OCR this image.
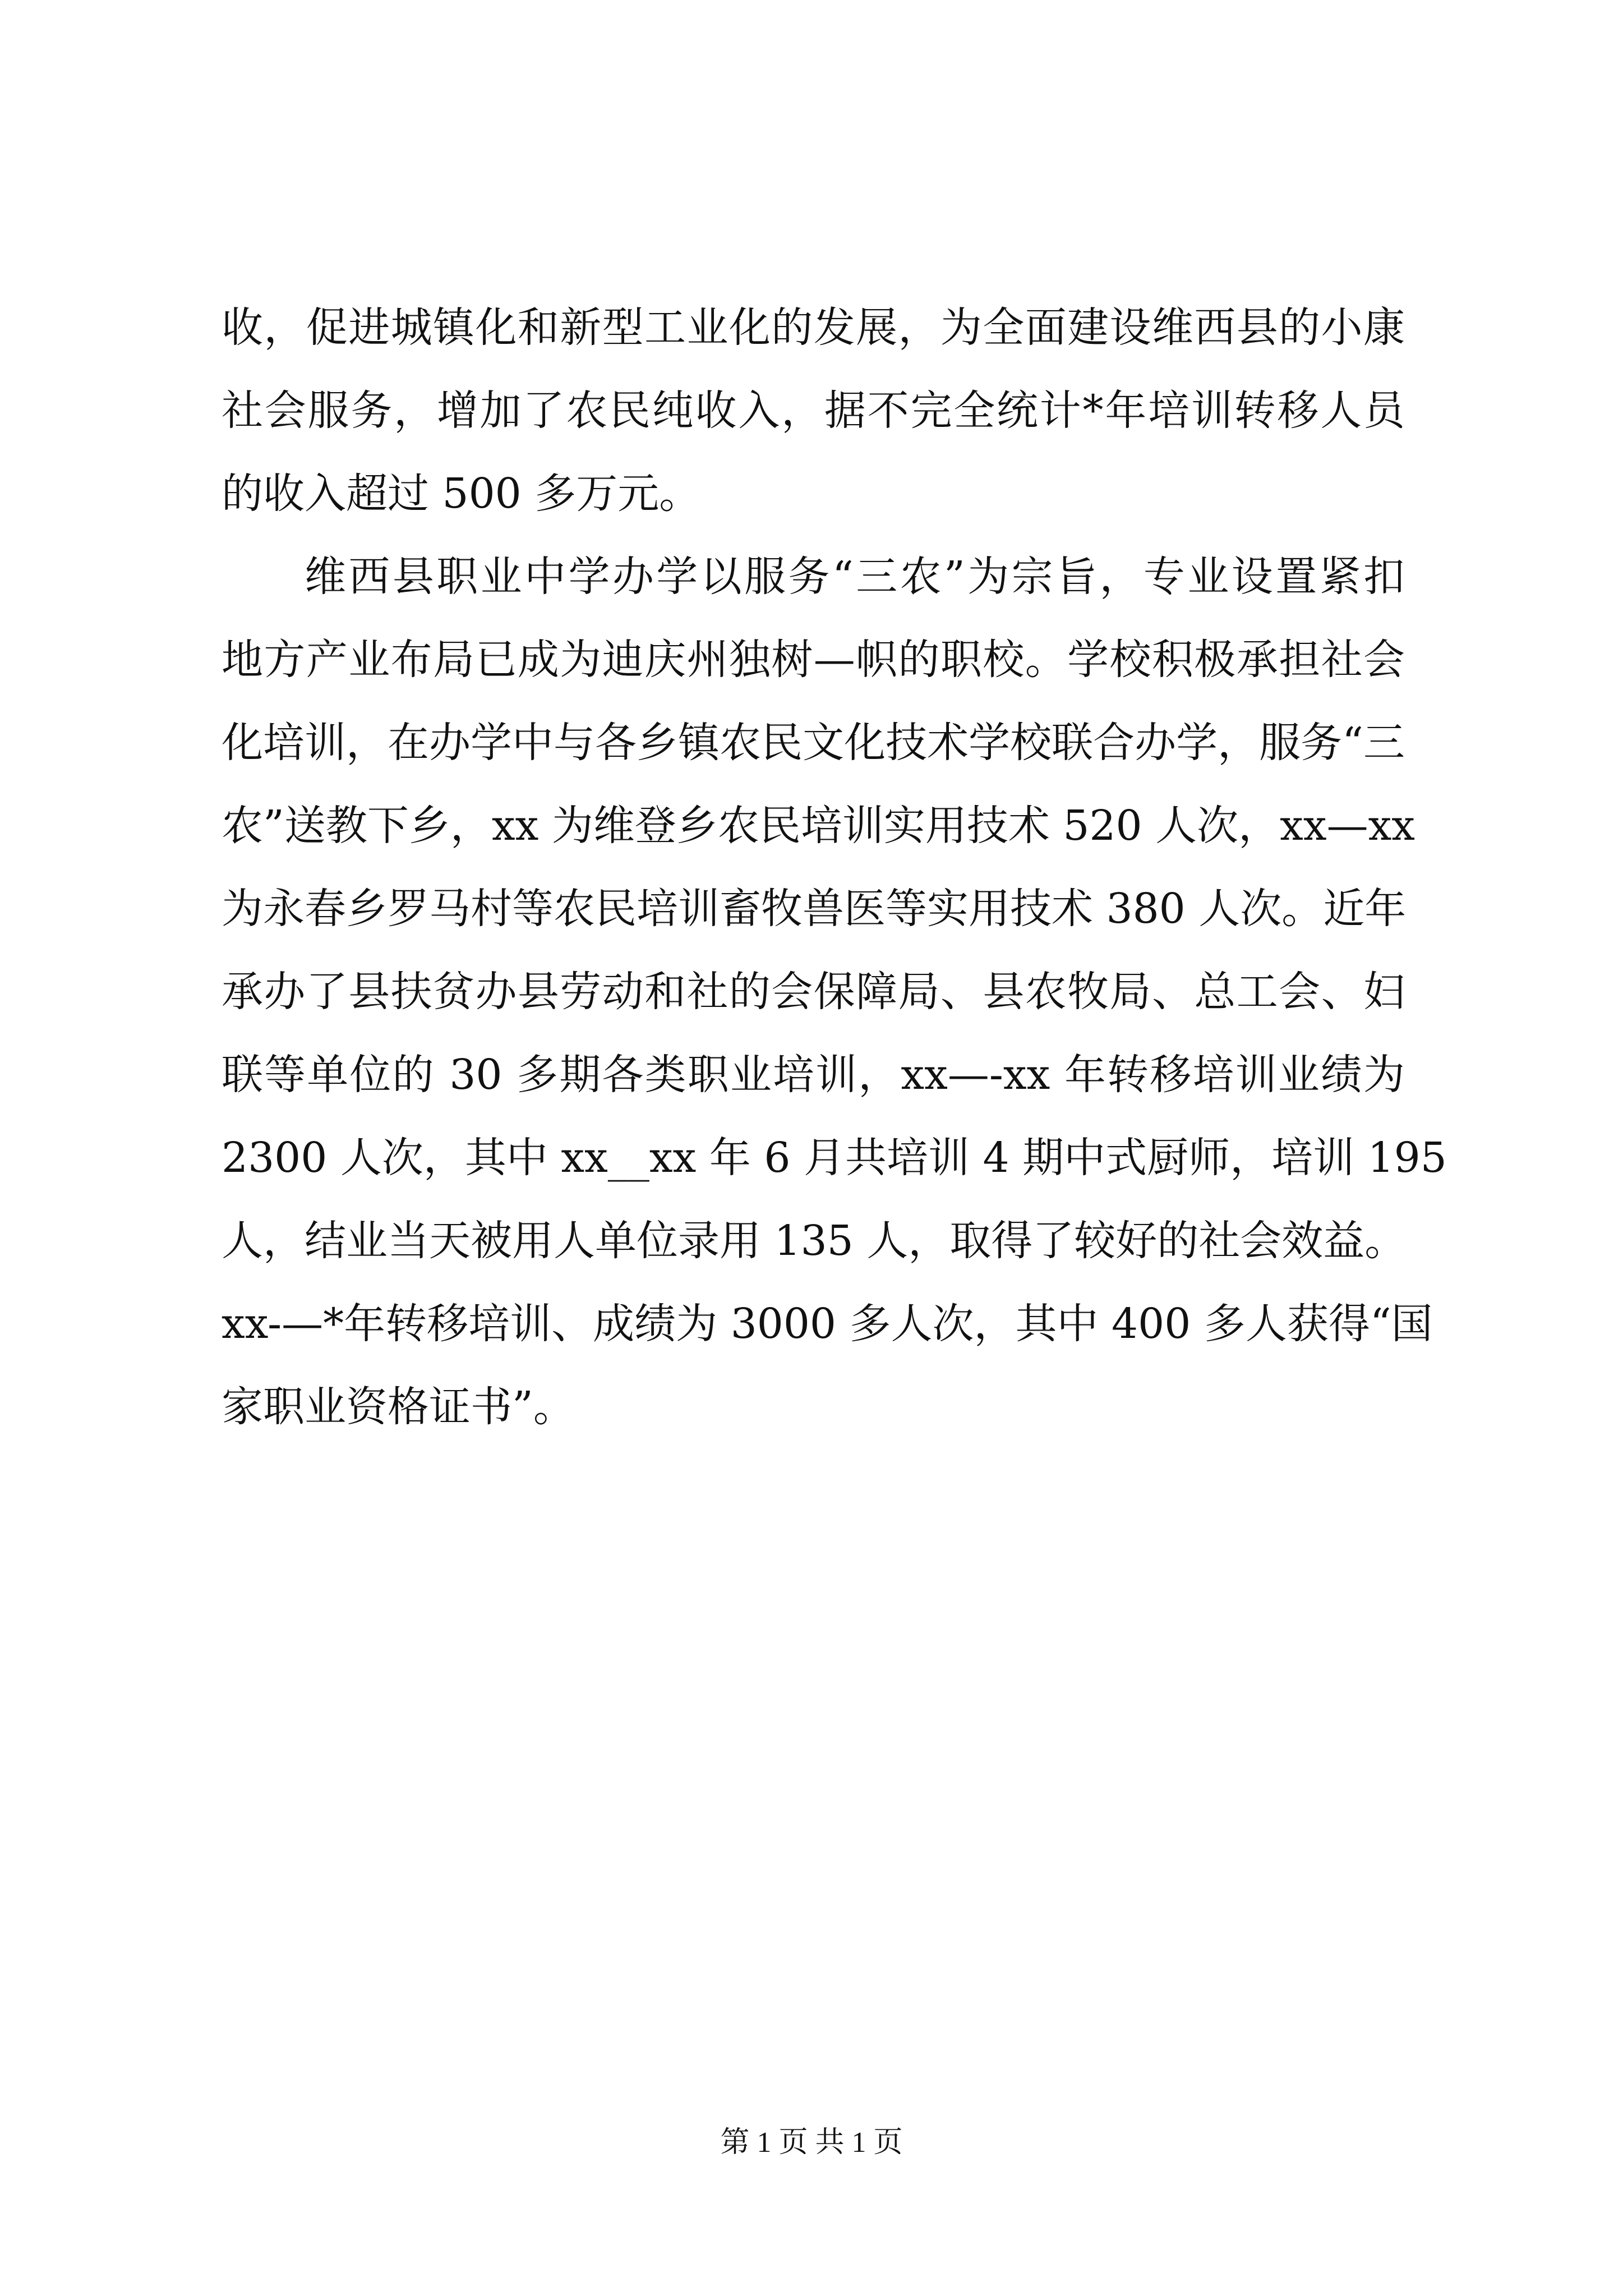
收，促进城镇化和新型工业化的发展，为全面建设维西县的小康
社会服务，增加了农民纯收入，据不完全统计*年培训转移人员
的收入超过 500 多万元。
维西县职业中学办学以服务“三农”为宗旨，专业设置紧扣
地方产业布局已成为迪庆州独树—帜的职校。学校积极承担社会
化培训，在办学中与各乡镇农民文化技术学校联合办学，服务“三
农”送教下乡，xx 为维登乡农民培训实用技术 520 人次，xx—xx
为永春乡罗马村等农民培训畜牧兽医等实用技术 380 人次。近年
承办了县扶贫办县劳动和社的会保障局、县农牧局、总工会、妇
联等单位的 30 多期各类职业培训，xx—-xx 年转移培训业绩为
2300 人次，其中 xx__xx 年 6 月共培训 4 期中式厨师，培训 195
人，结业当天被用人单位录用 135 人，取得了较好的社会效益。
xx-—*年转移培训、成绩为 3000 多人次，其中 400 多人获得“国
家职业资格证书”。
第 1 页 共 1 页
